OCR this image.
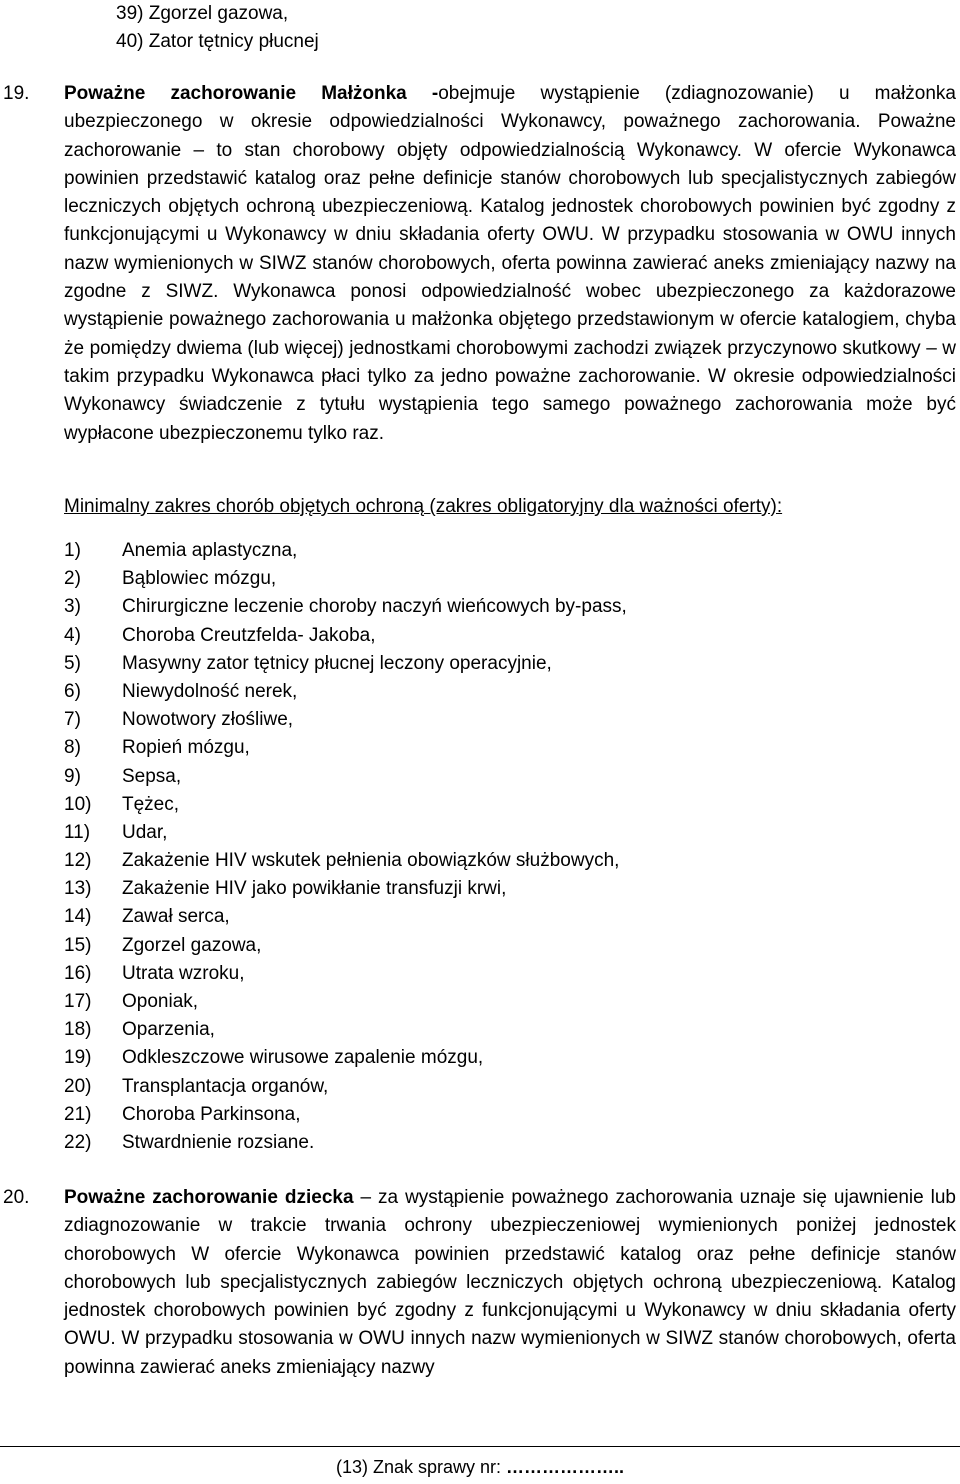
39) Zgorzel gazowa,
40) Zator tętnicy płucnej
19. Poważne zachorowanie Małżonka -obejmuje wystąpienie (zdiagnozowanie) u małżonka ubezpieczonego w okresie odpowiedzialności Wykonawcy, poważnego zachorowania. Poważne zachorowanie – to stan chorobowy objęty odpowiedzialnością Wykonawcy. W ofercie Wykonawca powinien przedstawić katalog oraz pełne definicje stanów chorobowych lub specjalistycznych zabiegów leczniczych objętych ochroną ubezpieczeniową. Katalog jednostek chorobowych powinien być zgodny z funkcjonującymi u Wykonawcy w dniu składania oferty OWU. W przypadku stosowania w OWU innych nazw wymienionych w SIWZ stanów chorobowych, oferta powinna zawierać aneks zmieniający nazwy na zgodne z SIWZ. Wykonawca ponosi odpowiedzialność wobec ubezpieczonego za każdorazowe wystąpienie poważnego zachorowania u małżonka objętego przedstawionym w ofercie katalogiem, chyba że pomiędzy dwiema (lub więcej) jednostkami chorobowymi zachodzi związek przyczynowo skutkowy – w takim przypadku Wykonawca płaci tylko za jedno poważne zachorowanie. W okresie odpowiedzialności Wykonawcy świadczenie z tytułu wystąpienia tego samego poważnego zachorowania może być wypłacone ubezpieczonemu tylko raz.
Minimalny zakres chorób objętych ochroną (zakres obligatoryjny dla ważności oferty):
1) Anemia aplastyczna,
2) Bąblowiec mózgu,
3) Chirurgiczne leczenie choroby naczyń wieńcowych by-pass,
4) Choroba Creutzfelda- Jakoba,
5) Masywny zator tętnicy płucnej leczony operacyjnie,
6) Niewydolność nerek,
7) Nowotwory złośliwe,
8) Ropień mózgu,
9) Sepsa,
10) Tężec,
11) Udar,
12) Zakażenie HIV wskutek pełnienia obowiązków służbowych,
13) Zakażenie HIV jako powikłanie transfuzji krwi,
14) Zawał serca,
15) Zgorzel gazowa,
16) Utrata wzroku,
17) Oponiak,
18) Oparzenia,
19) Odkleszczowe wirusowe zapalenie mózgu,
20) Transplantacja organów,
21) Choroba Parkinsona,
22) Stwardnienie rozsiane.
20. Poważne zachorowanie dziecka – za wystąpienie poważnego zachorowania uznaje się ujawnienie lub zdiagnozowanie w trakcie trwania ochrony ubezpieczeniowej wymienionych poniżej jednostek chorobowych W ofercie Wykonawca powinien przedstawić katalog oraz pełne definicje stanów chorobowych lub specjalistycznych zabiegów leczniczych objętych ochroną ubezpieczeniową. Katalog jednostek chorobowych powinien być zgodny z funkcjonującymi u Wykonawcy w dniu składania oferty OWU. W przypadku stosowania w OWU innych nazw wymienionych w SIWZ stanów chorobowych, oferta powinna zawierać aneks zmieniający nazwy
(13) Znak sprawy nr: ………………..
